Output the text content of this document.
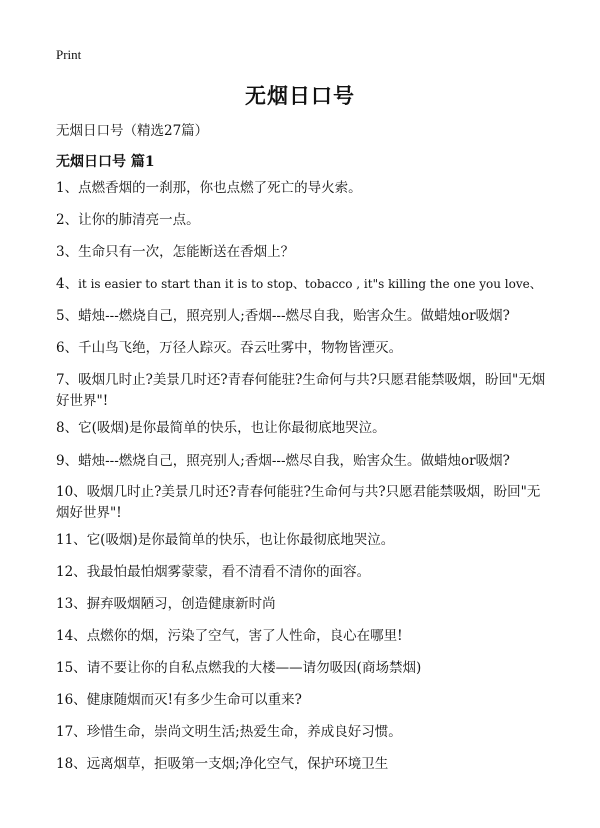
Print
无烟日口号
无烟日口号（精选27篇）
无烟日口号 篇1
1、点燃香烟的一刹那，你也点燃了死亡的导火索。
2、让你的肺清亮一点。
3、生命只有一次，怎能断送在香烟上？
4、it is easier to start than it is to stop、tobacco , it"s killing the one you love、
5、蜡烛---燃烧自己，照亮别人;香烟---燃尽自我，贻害众生。做蜡烛or吸烟?
6、千山鸟飞绝，万径人踪灭。吞云吐雾中，物物皆湮灭。
7、吸烟几时止?美景几时还?青春何能驻?生命何与共?只愿君能禁吸烟，盼回"无烟好世界"!
8、它(吸烟)是你最简单的快乐，也让你最彻底地哭泣。
9、蜡烛---燃烧自己，照亮别人;香烟---燃尽自我，贻害众生。做蜡烛or吸烟?
10、吸烟几时止?美景几时还?青春何能驻?生命何与共?只愿君能禁吸烟，盼回"无烟好世界"!
11、它(吸烟)是你最简单的快乐，也让你最彻底地哭泣。
12、我最怕最怕烟雾蒙蒙，看不清看不清你的面容。
13、摒弃吸烟陋习，创造健康新时尚
14、点燃你的烟，污染了空气，害了人性命，良心在哪里!
15、请不要让你的自私点燃我的大楼——请勿吸因(商场禁烟)
16、健康随烟而灭!有多少生命可以重来?
17、珍惜生命，崇尚文明生活;热爱生命，养成良好习惯。
18、远离烟草，拒吸第一支烟;净化空气，保护环境卫生
